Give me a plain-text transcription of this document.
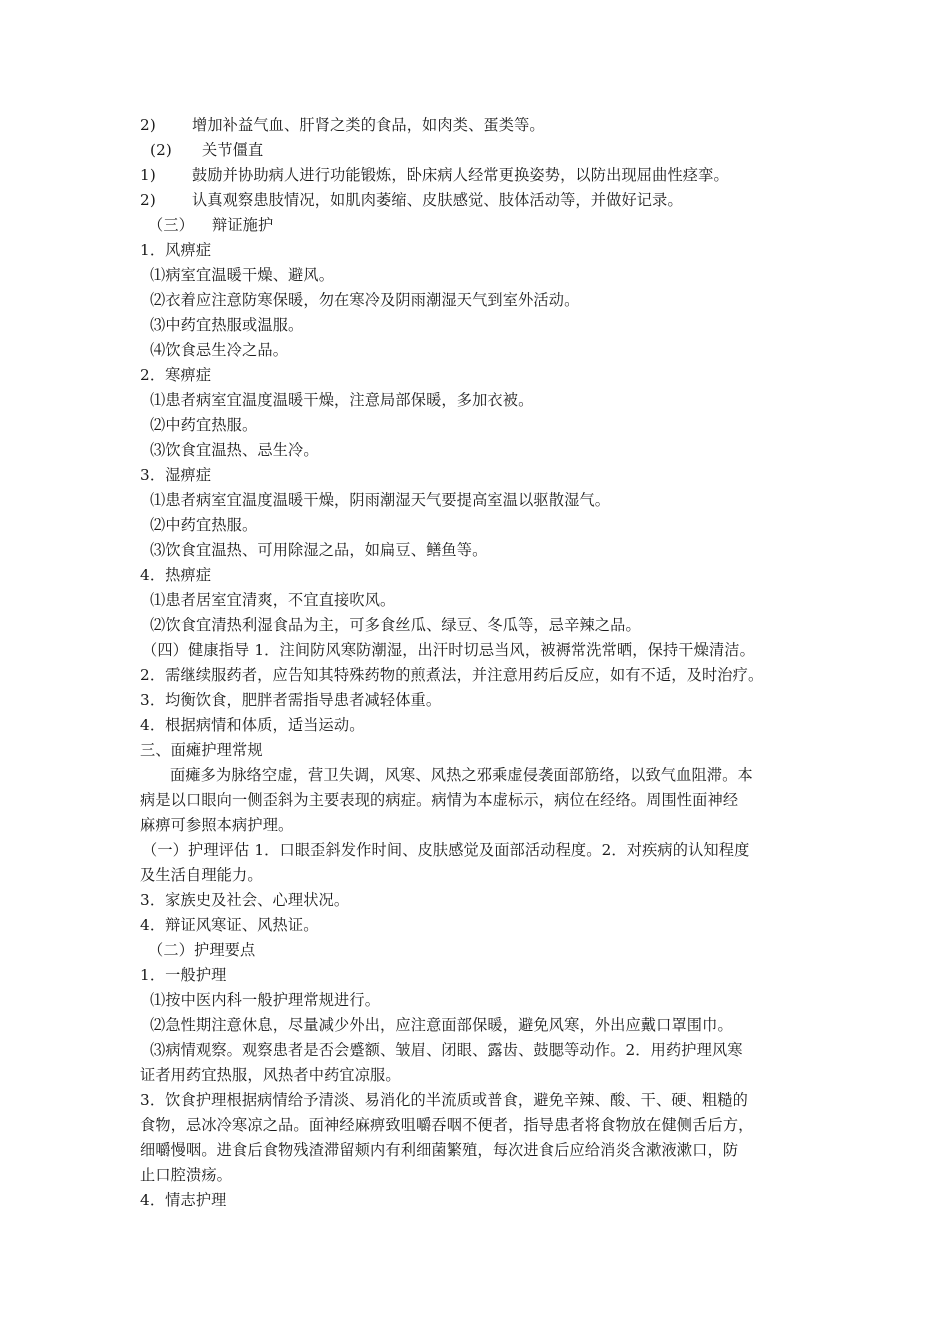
2) 增加补益气血、肝肾之类的食品，如肉类、蛋类等。
(2) 关节僵直
1) 鼓励并协助病人进行功能锻炼，卧床病人经常更换姿势，以防出现屈曲性痉挛。
2) 认真观察患肢情况，如肌肉萎缩、皮肤感觉、肢体活动等，并做好记录。
（三） 辩证施护
1．风痹症
⑴病室宜温暖干燥、避风。
⑵衣着应注意防寒保暖，勿在寒冷及阴雨潮湿天气到室外活动。
⑶中药宜热服或温服。
⑷饮食忌生冷之品。
2．寒痹症
⑴患者病室宜温度温暖干燥，注意局部保暖，多加衣被。
⑵中药宜热服。
⑶饮食宜温热、忌生冷。
3．湿痹症
⑴患者病室宜温度温暖干燥，阴雨潮湿天气要提高室温以驱散湿气。
⑵中药宜热服。
⑶饮食宜温热、可用除湿之品，如扁豆、鳝鱼等。
4．热痹症
⑴患者居室宜清爽，不宜直接吹风。
⑵饮食宜清热利湿食品为主，可多食丝瓜、绿豆、冬瓜等，忌辛辣之品。
（四）健康指导 1．注间防风寒防潮湿，出汗时切忌当风，被褥常洗常晒，保持干燥清洁。
2．需继续服药者，应告知其特殊药物的煎煮法，并注意用药后反应，如有不适，及时治疗。
3．均衡饮食，肥胖者需指导患者减轻体重。
4．根据病情和体质，适当运动。
三、面瘫护理常规
面瘫多为脉络空虚，营卫失调，风寒、风热之邪乘虚侵袭面部筋络，以致气血阻滞。本
病是以口眼向一侧歪斜为主要表现的病症。病情为本虚标示，病位在经络。周围性面神经
麻痹可参照本病护理。
（一）护理评估 1．口眼歪斜发作时间、皮肤感觉及面部活动程度。2．对疾病的认知程度
及生活自理能力。
3．家族史及社会、心理状况。
4．辩证风寒证、风热证。
（二）护理要点
1．一般护理
⑴按中医内科一般护理常规进行。
⑵急性期注意休息，尽量减少外出，应注意面部保暖，避免风寒，外出应戴口罩围巾。
⑶病情观察。观察患者是否会蹙额、皱眉、闭眼、露齿、鼓腮等动作。2．用药护理风寒
证者用药宜热服，风热者中药宜凉服。
3．饮食护理根据病情给予清淡、易消化的半流质或普食，避免辛辣、酸、干、硬、粗糙的
食物，忌冰冷寒凉之品。面神经麻痹致咀嚼吞咽不便者，指导患者将食物放在健侧舌后方，
细嚼慢咽。进食后食物残渣滞留颊内有利细菌繁殖，每次进食后应给消炎含漱液漱口，防
止口腔溃疡。
4．情志护理
